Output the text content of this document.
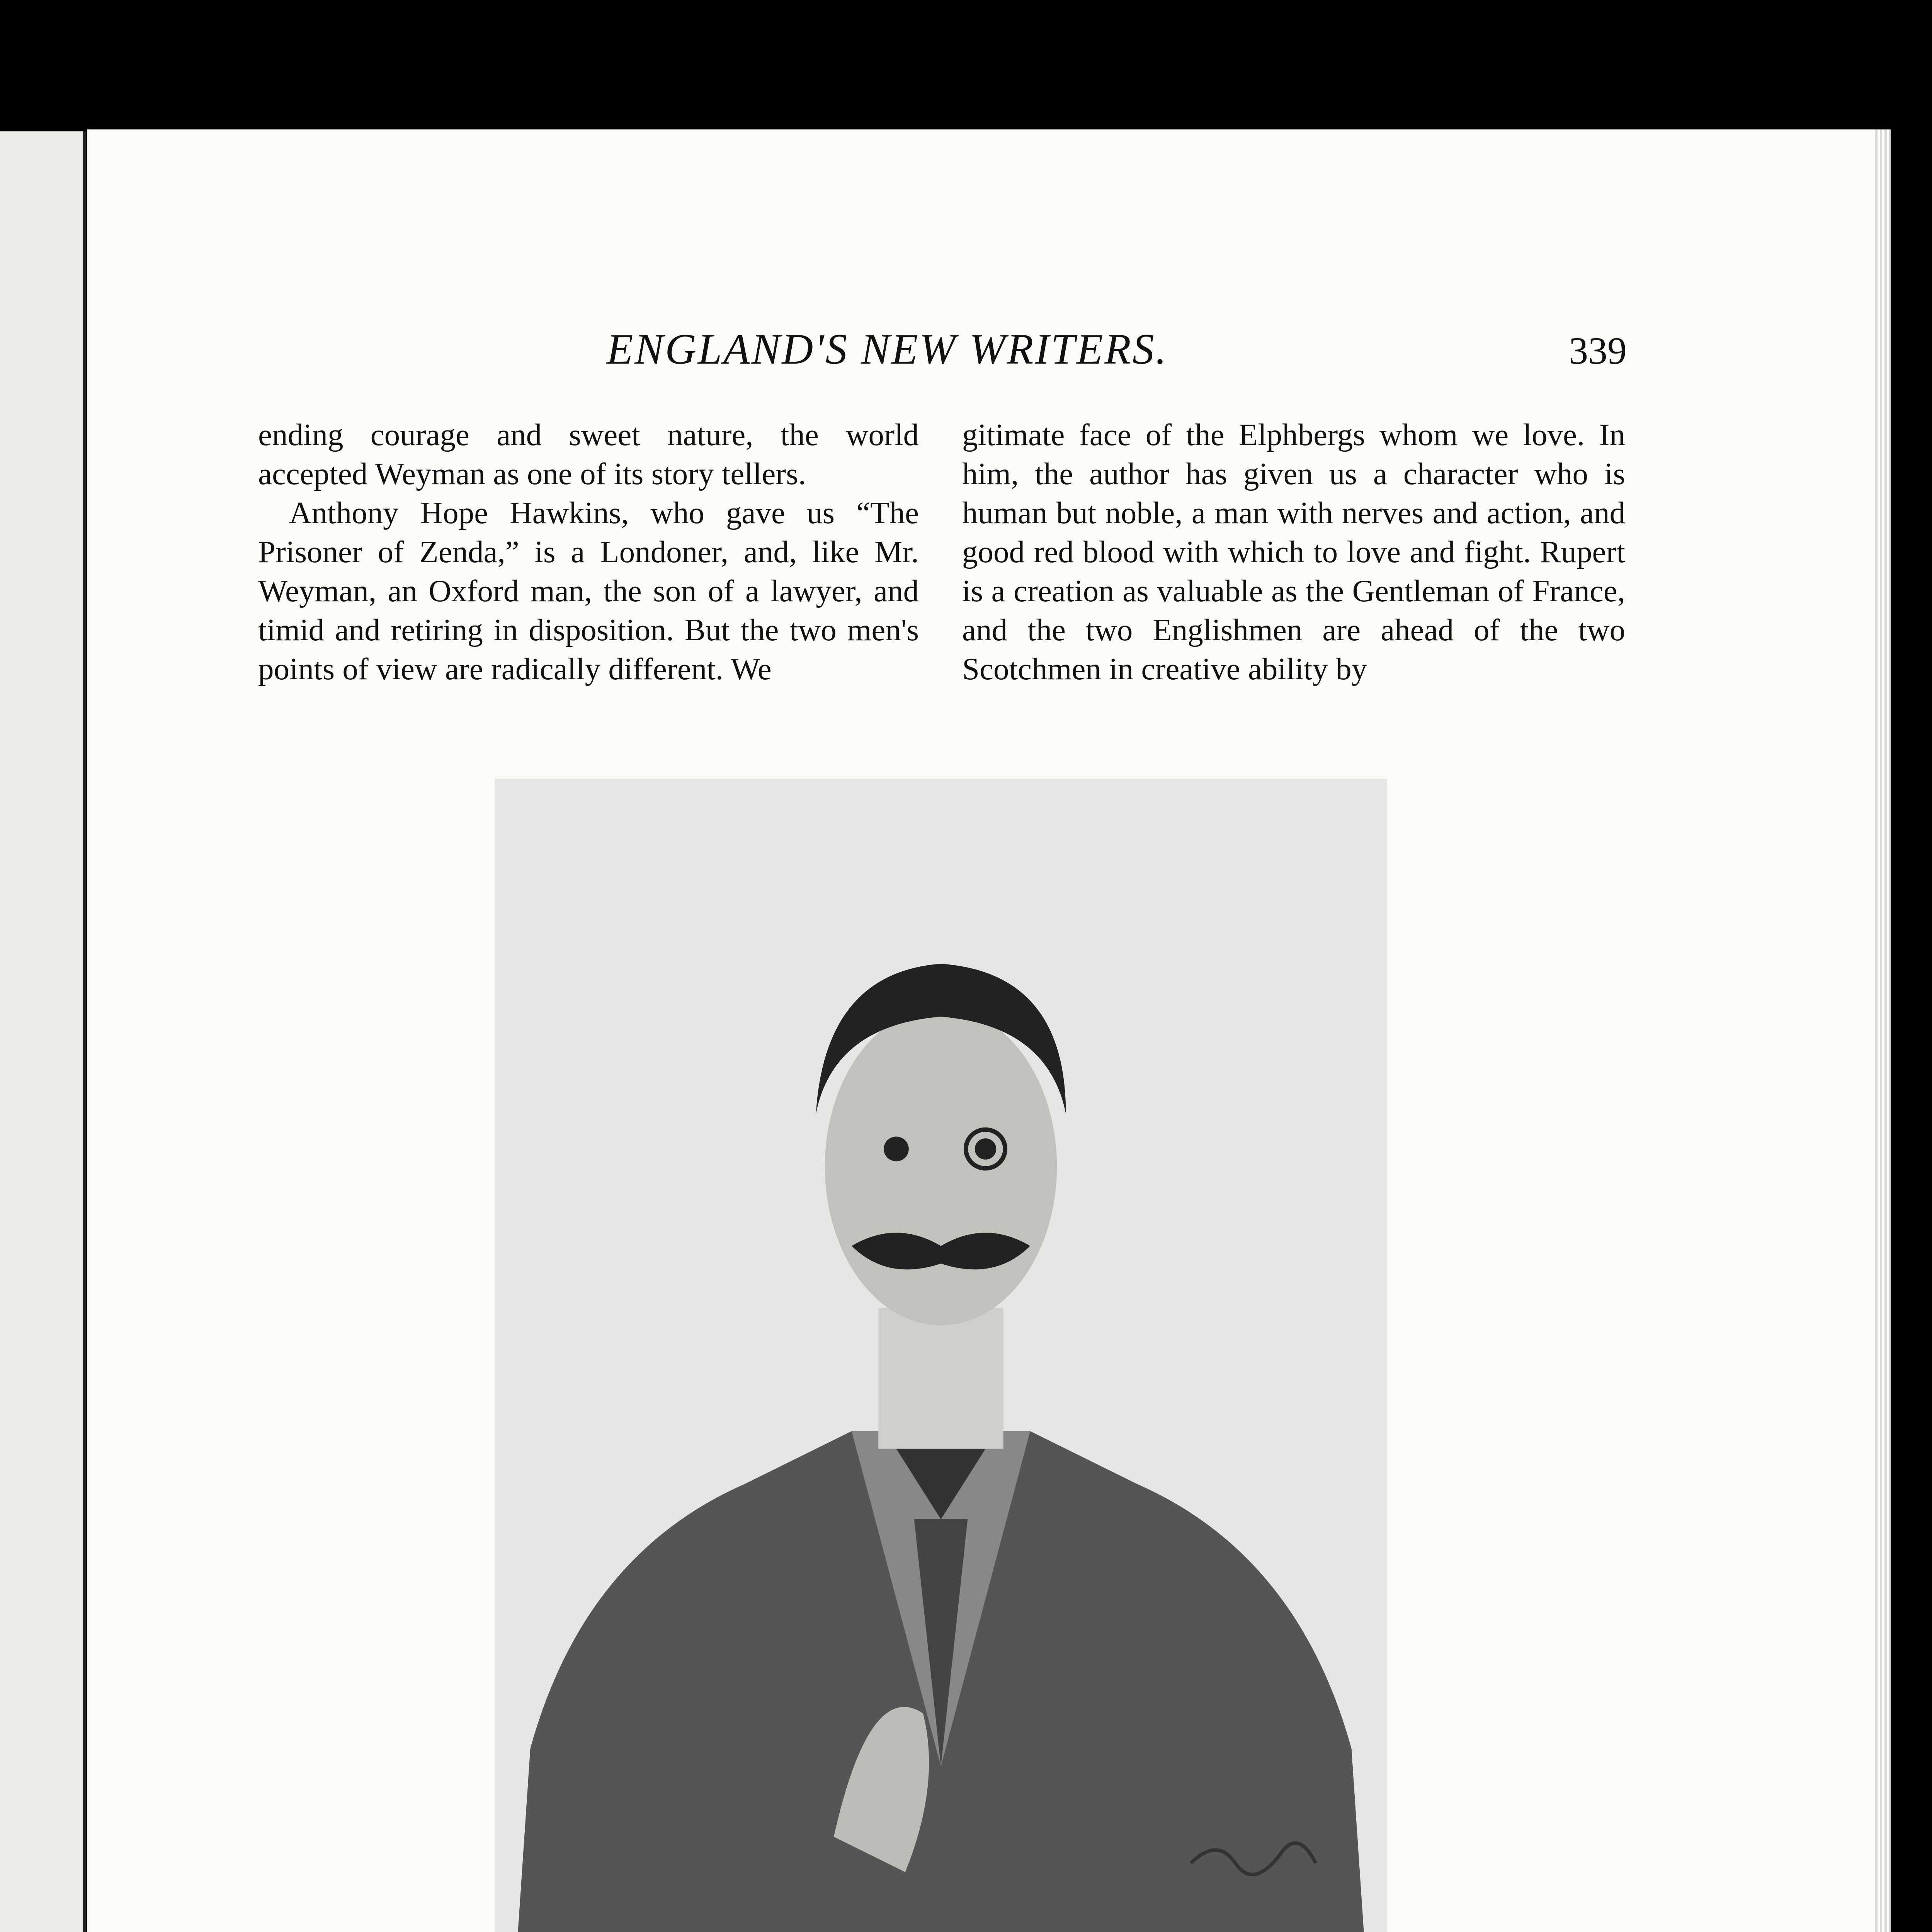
ENGLAND'S NEW WRITERS.	339

ending courage and sweet nature, the world accepted Weyman as one of its story tellers.

Anthony Hope Hawkins, who gave us “The Prisoner of Zenda,” is a Londoner, and, like Mr. Weyman, an Oxford man, the son of a lawyer, and timid and retiring in disposition. But the two men's points of view are radically different. We

gitimate face of the Elphbergs whom we love. In him, the author has given us a character who is human but noble, a man with nerves and action, and good red blood with which to love and fight. Rupert is a creation as valuable as the Gentleman of France, and the two Englishmen are ahead of the two Scotchmen in creative ability by
